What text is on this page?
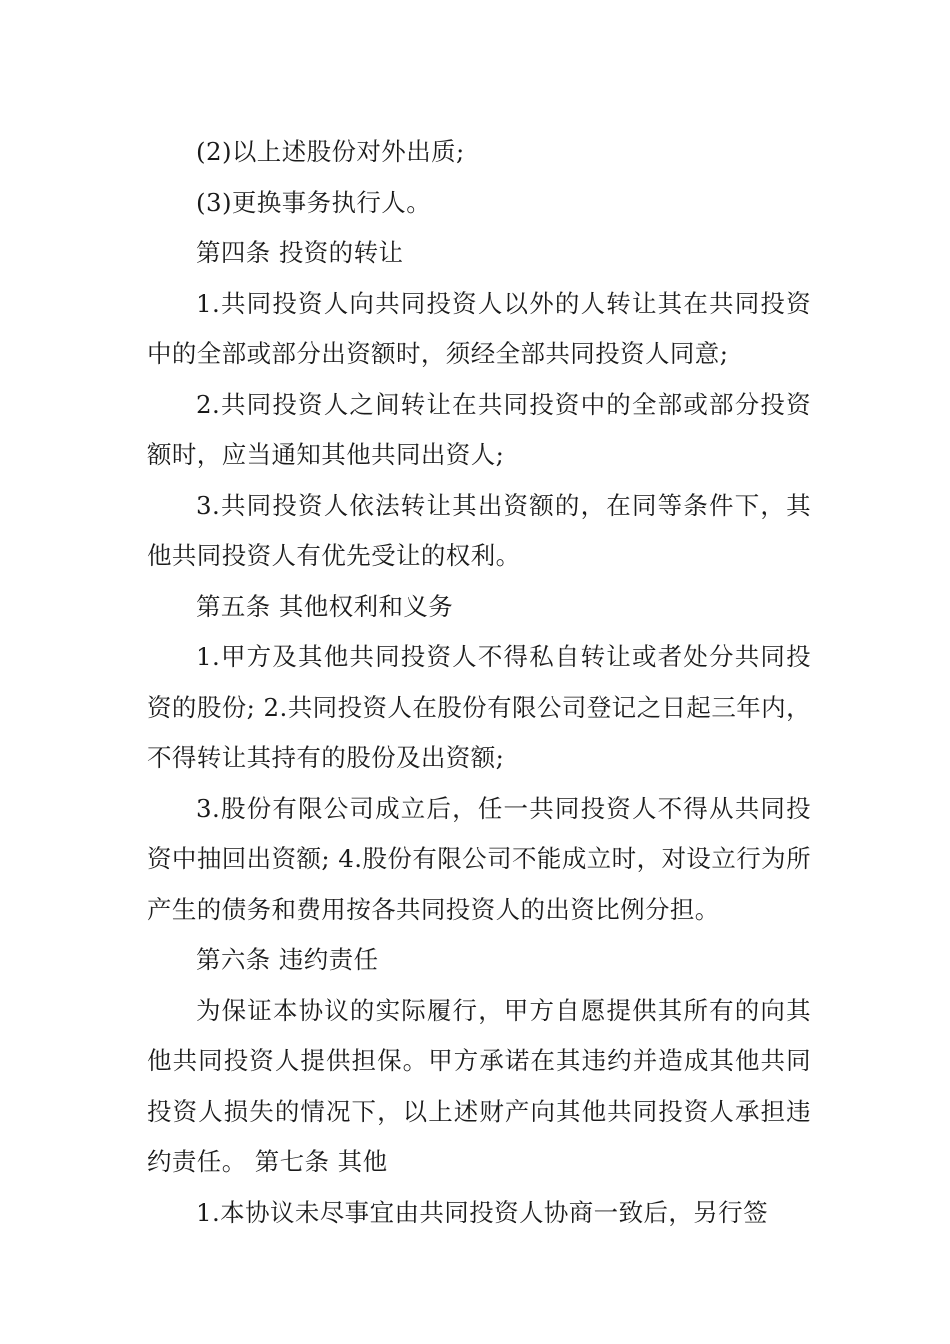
(2)以上述股份对外出质;

(3)更换事务执行人。

第四条 投资的转让

1.共同投资人向共同投资人以外的人转让其在共同投资中的全部或部分出资额时，须经全部共同投资人同意;

2.共同投资人之间转让在共同投资中的全部或部分投资额时，应当通知其他共同出资人;

3.共同投资人依法转让其出资额的，在同等条件下，其他共同投资人有优先受让的权利。

第五条 其他权利和义务

1.甲方及其他共同投资人不得私自转让或者处分共同投资的股份; 2.共同投资人在股份有限公司登记之日起三年内，不得转让其持有的股份及出资额;

3.股份有限公司成立后，任一共同投资人不得从共同投资中抽回出资额; 4.股份有限公司不能成立时，对设立行为所产生的债务和费用按各共同投资人的出资比例分担。

第六条 违约责任

为保证本协议的实际履行，甲方自愿提供其所有的向其他共同投资人提供担保。甲方承诺在其违约并造成其他共同投资人损失的情况下，以上述财产向其他共同投资人承担违约责任。 第七条 其他

1.本协议未尽事宜由共同投资人协商一致后，另行签
